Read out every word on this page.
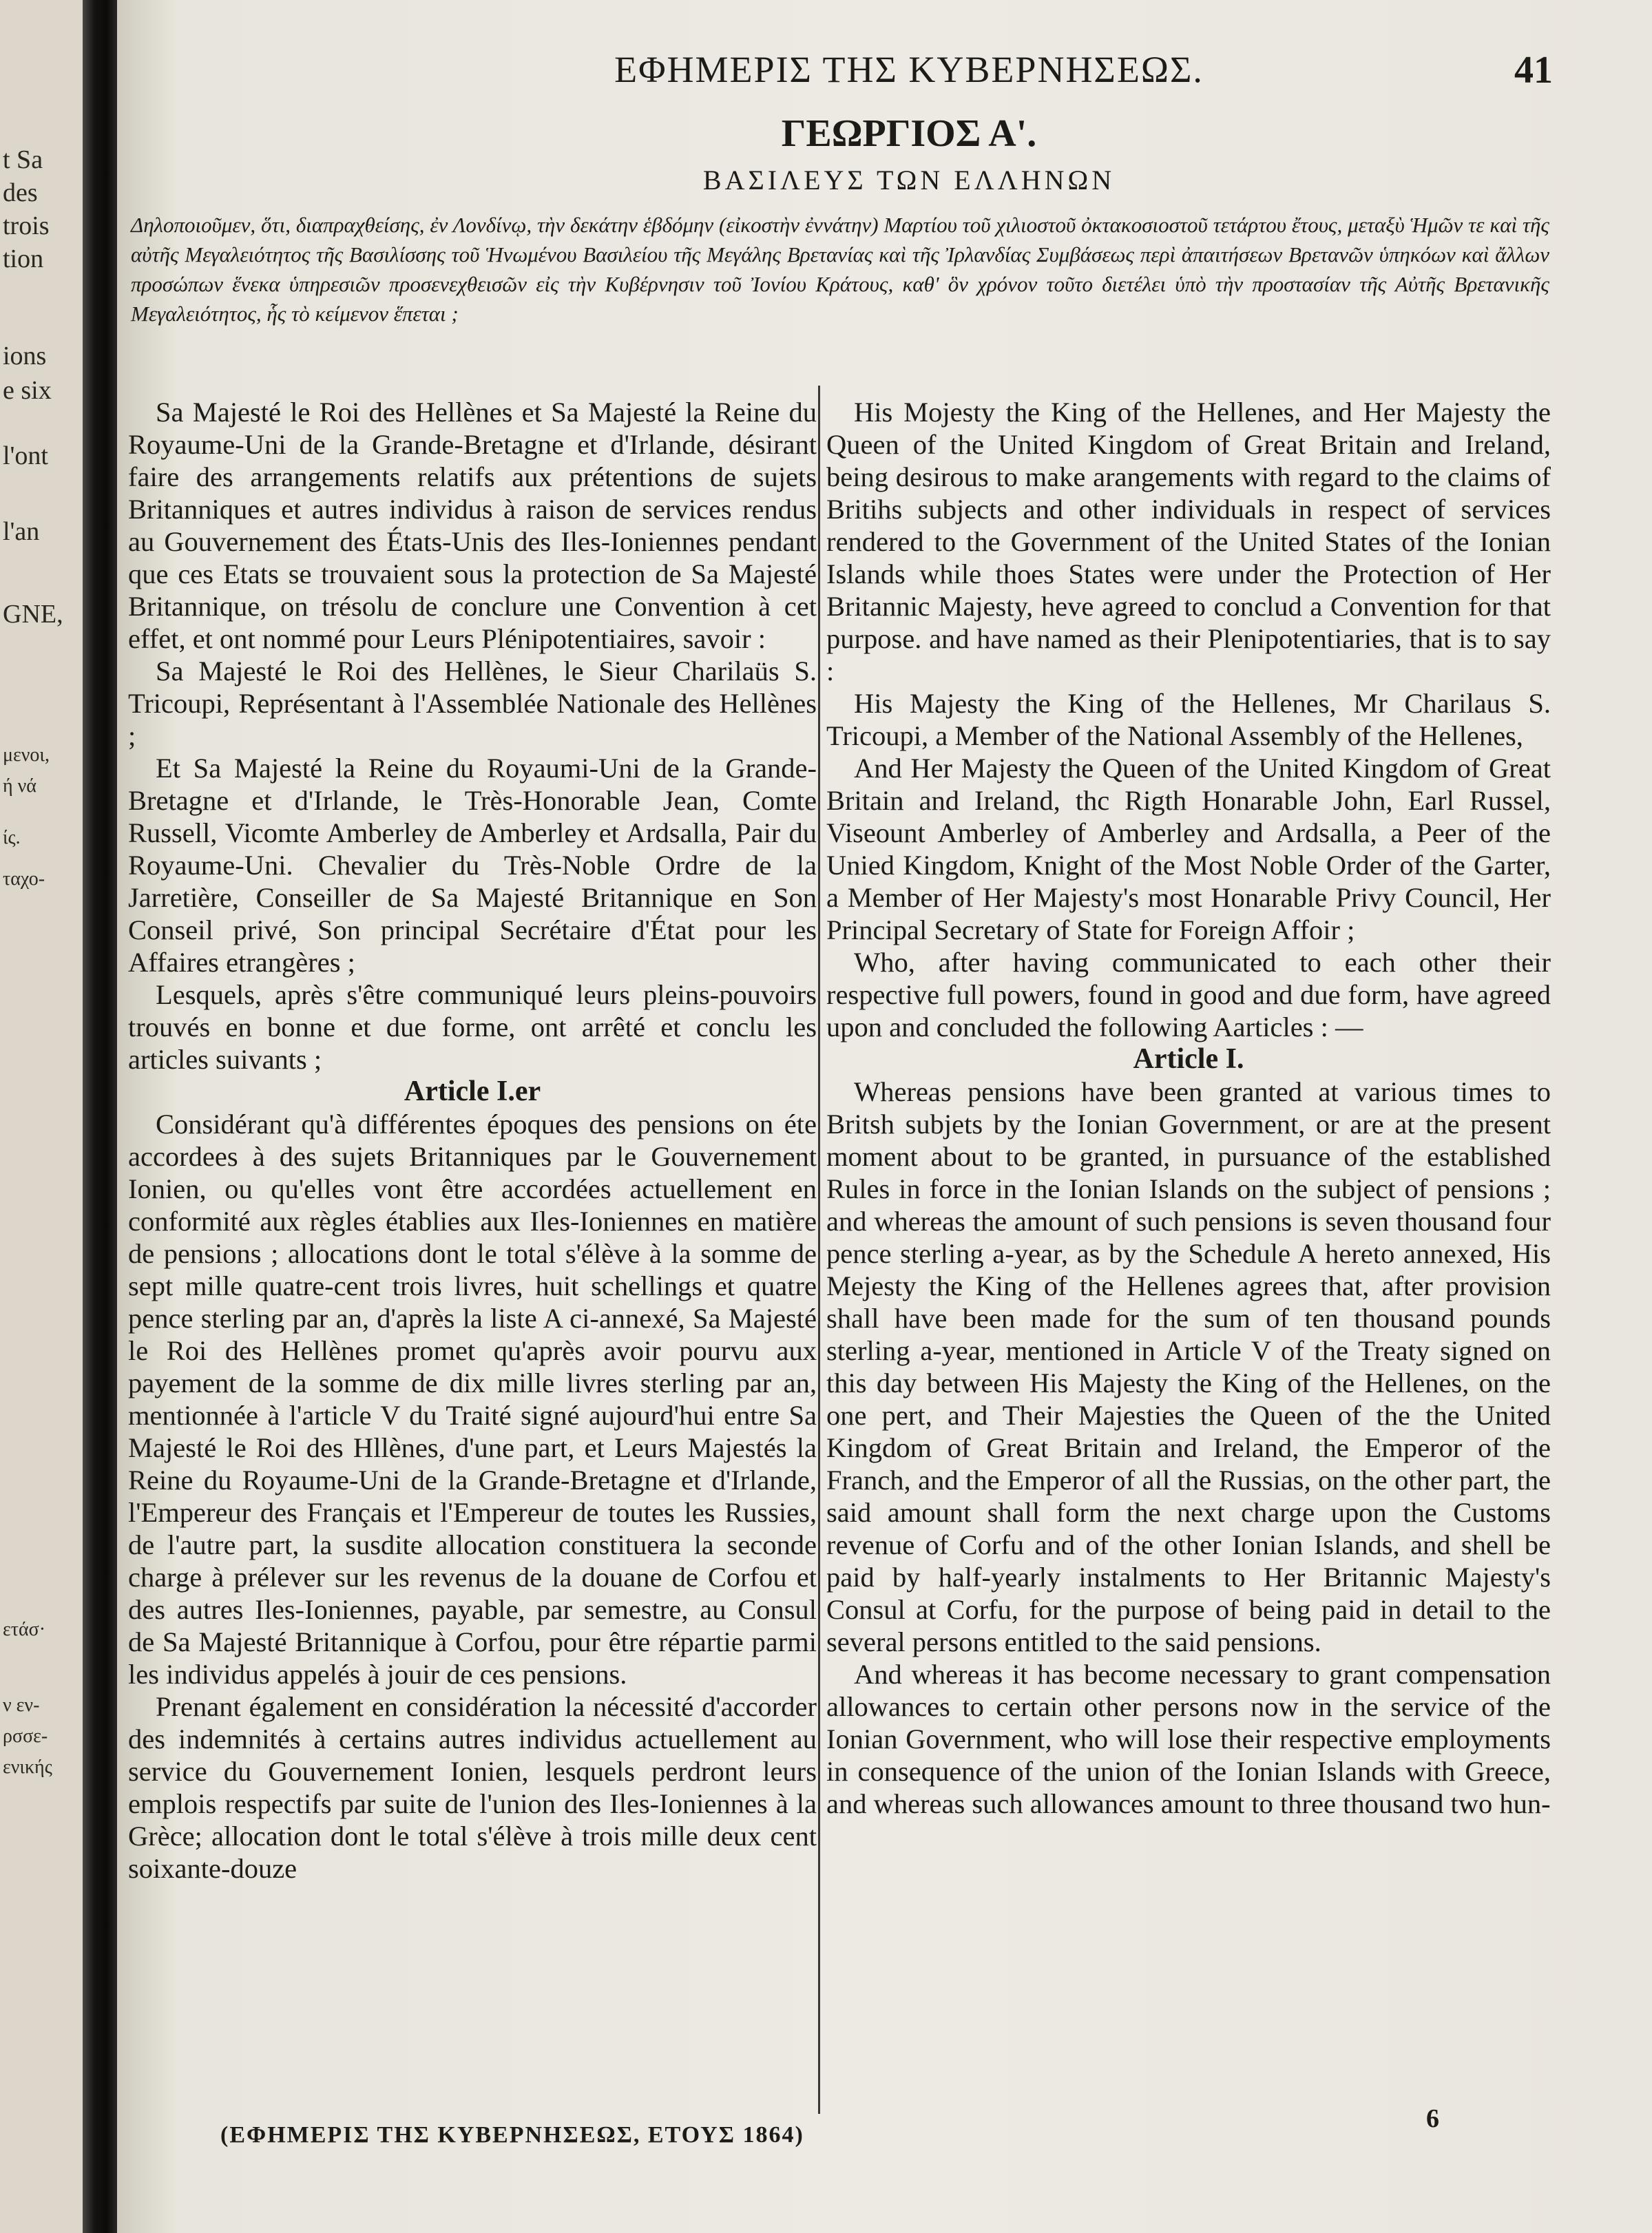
t Sa
des
trois
tion
ions
e six
l'ont
l'an
GNE,
μενοι,
ή νά
ίς.
ταχο-
ετάσ·
ν εν-
ρσσε-
ενικής
ΕΦΗΜΕΡΙΣ ΤΗΣ ΚΥΒΕΡΝΗΣΕΩΣ.	41
ΓΕΩΡΓΙΟΣ Α'.
ΒΑΣΙΛΕΥΣ ΤΩΝ ΕΛΛΗΝΩΝ
Δηλοποιοῦμεν, ὅτι, διαπραχθείσης, ἐν Λονδίνῳ, τὴν δεκάτην ἑβδόμην (εἰκοστὴν ἐννάτην) Μαρτίου τοῦ χιλιοστοῦ ὀκτακοσιοστοῦ τετάρτου ἔτους, μεταξὺ Ἡμῶν τε καὶ τῆς αὐτῆς Μεγαλειότητος τῆς Βασιλίσσης τοῦ Ἡνωμένου Βασιλείου τῆς Μεγάλης Βρετανίας καὶ τῆς Ἰρλανδίας Συμβάσεως περὶ ἀπαιτήσεων Βρετανῶν ὑπηκόων καὶ ἄλλων προσώπων ἕνεκα ὑπηρεσιῶν προσενεχθεισῶν εἰς τὴν Κυβέρνησιν τοῦ Ἰονίου Κράτους, καθ' ὃν χρόνον τοῦτο διετέλει ὑπὸ τὴν προστασίαν τῆς Αὐτῆς Βρετανικῆς Μεγαλειότητος, ἧς τὸ κείμενον ἕπεται ;

Sa Majesté le Roi des Hellènes et Sa Majesté la Reine du Royaume-Uni de la Grande-Bretagne et d'Irlande, désirant faire des arrangements relatifs aux prétentions de sujets Britanniques et autres individus à raison de services rendus au Gouvernement des États-Unis des Iles-Ioniennes pendant que ces Etats se trouvaient sous la protection de Sa Majesté Britannique, on trésolu de conclure une Convention à cet effet, et ont nommé pour Leurs Plénipotentiaires, savoir :

Sa Majesté le Roi des Hellènes, le Sieur Charilaüs S. Tricoupi, Représentant à l'Assemblée Nationale des Hellènes ;

Et Sa Majesté la Reine du Royaumi-Uni de la Grande-Bretagne et d'Irlande, le Très-Honorable Jean, Comte Russell, Vicomte Amberley de Amberley et Ardsalla, Pair du Royaume-Uni. Chevalier du Très-Noble Ordre de la Jarretière, Conseiller de Sa Majesté Britannique en Son Conseil privé, Son principal Secrétaire d'État pour les Affaires etrangères ;

Lesquels, après s'être communiqué leurs pleins-pouvoirs trouvés en bonne et due forme, ont arrêté et conclu les articles suivants ;

Article I.er

Considérant qu'à différentes époques des pensions on éte accordees à des sujets Britanniques par le Gouvernement Ionien, ou qu'elles vont être accordées actuellement en conformité aux règles établies aux Iles-Ioniennes en matière de pensions ; allocations dont le total s'élève à la somme de sept mille quatre-cent trois livres, huit schellings et quatre pence sterling par an, d'après la liste A ci-annexé, Sa Majesté le Roi des Hellènes promet qu'après avoir pourvu aux payement de la somme de dix mille livres sterling par an, mentionnée à l'article V du Traité signé aujourd'hui entre Sa Majesté le Roi des Hllènes, d'une part, et Leurs Majestés la Reine du Royaume-Uni de la Grande-Bretagne et d'Irlande, l'Empereur des Français et l'Empereur de toutes les Russies, de l'autre part, la susdite allocation constituera la seconde charge à prélever sur les revenus de la douane de Corfou et des autres Iles-Ioniennes, payable, par semestre, au Consul de Sa Majesté Britannique à Corfou, pour être répartie parmi les individus appelés à jouir de ces pensions.

Prenant également en considération la nécessité d'accorder des indemnités à certains autres individus actuellement au service du Gouvernement Ionien, lesquels perdront leurs emplois respectifs par suite de l'union des Iles-Ioniennes à la Grèce; allocation dont le total s'élève à trois mille deux cent soixante-douze

His Mojesty the King of the Hellenes, and Her Majesty the Queen of the United Kingdom of Great Britain and Ireland, being desirous to make arangements with regard to the claims of Britihs subjects and other individuals in respect of services rendered to the Government of the United States of the Ionian Islands while thoes States were under the Protection of Her Britannic Majesty, heve agreed to conclud a Convention for that purpose. and have named as their Plenipotentiaries, that is to say :

His Majesty the King of the Hellenes, Mr Charilaus S. Tricoupi, a Member of the National Assembly of the Hellenes,

And Her Majesty the Queen of the United Kingdom of Great Britain and Ireland, thc Rigth Honarable John, Earl Russel, Viseount Amberley of Amberley and Ardsalla, a Peer of the Unied Kingdom, Knight of the Most Noble Order of the Garter, a Member of Her Majesty's most Honarable Privy Council, Her Principal Secretary of State for Foreign Affoir ;

Who, after having communicated to each other their respective full powers, found in good and due form, have agreed upon and concluded the following Aarticles : —

Article I.

Whereas pensions have been granted at various times to Britsh subjets by the Ionian Government, or are at the present moment about to be granted, in pursuance of the established Rules in force in the Ionian Islands on the subject of pensions ; and whereas the amount of such pensions is seven thousand four pence sterling a-year, as by the Schedule A hereto annexed, His Mejesty the King of the Hellenes agrees that, after provision shall have been made for the sum of ten thousand pounds sterling a-year, mentioned in Article V of the Treaty signed on this day between His Majesty the King of the Hellenes, on the one pert, and Their Majesties the Queen of the the United Kingdom of Great Britain and Ireland, the Emperor of the Franch, and the Emperor of all the Russias, on the other part, the said amount shall form the next charge upon the Customs revenue of Corfu and of the other Ionian Islands, and shell be paid by half-yearly instalments to Her Britannic Majesty's Consul at Corfu, for the purpose of being paid in detail to the several persons entitled to the said pensions.

And whereas it has become necessary to grant compensation allowances to certain other persons now in the service of the Ionian Government, who will lose their respective employments in consequence of the union of the Ionian Islands with Greece, and whereas such allowances amount to three thousand two hun-

(ΕΦΗΜΕΡΙΣ ΤΗΣ ΚΥΒΕΡΝΗΣΕΩΣ, ΕΤΟΥΣ 1864)
6
